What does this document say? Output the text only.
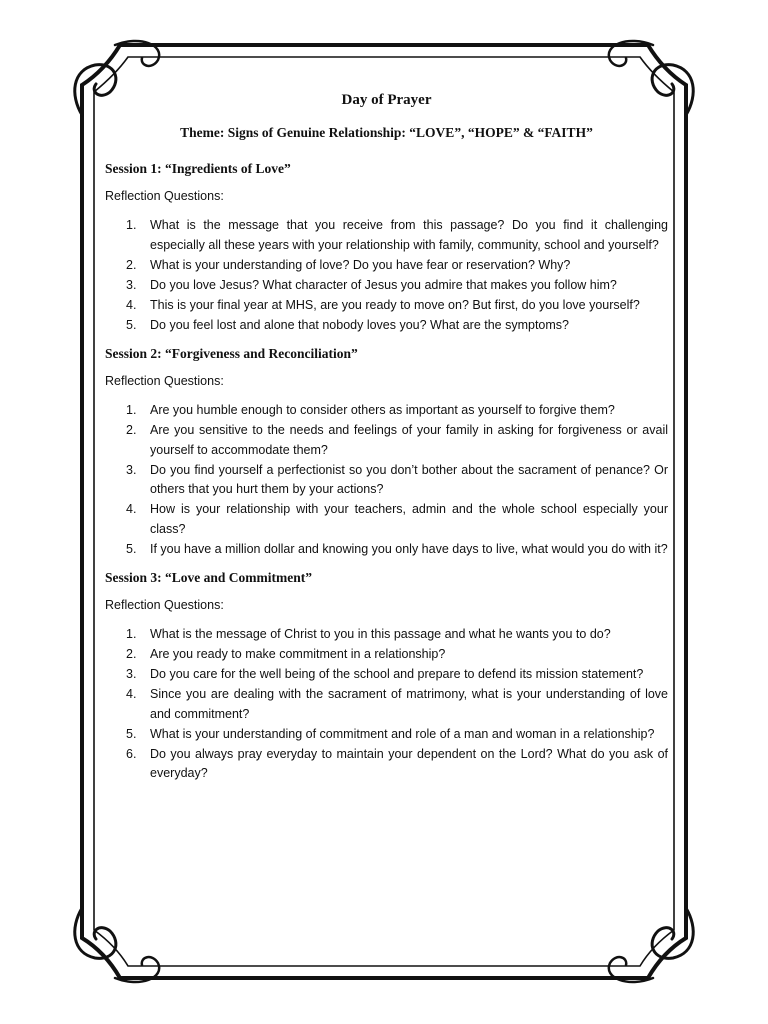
Day of Prayer
Theme: Signs of Genuine Relationship: “LOVE”, “HOPE” & “FAITH”
Session 1: “Ingredients of Love”
Reflection Questions:
1. What is the message that you receive from this passage? Do you find it challenging especially all these years with your relationship with family, community, school and yourself?
2. What is your understanding of love? Do you have fear or reservation? Why?
3. Do you love Jesus? What character of Jesus you admire that makes you follow him?
4. This is your final year at MHS, are you ready to move on? But first, do you love yourself?
5. Do you feel lost and alone that nobody loves you? What are the symptoms?
Session 2: “Forgiveness and Reconciliation”
Reflection Questions:
1. Are you humble enough to consider others as important as yourself to forgive them?
2. Are you sensitive to the needs and feelings of your family in asking for forgiveness or avail yourself to accommodate them?
3. Do you find yourself a perfectionist so you don’t bother about the sacrament of penance? Or others that you hurt them by your actions?
4. How is your relationship with your teachers, admin and the whole school especially your class?
5. If you have a million dollar and knowing you only have days to live, what would you do with it?
Session 3: “Love and Commitment”
Reflection Questions:
1. What is the message of Christ to you in this passage and what he wants you to do?
2. Are you ready to make commitment in a relationship?
3. Do you care for the well being of the school and prepare to defend its mission statement?
4. Since you are dealing with the sacrament of matrimony, what is your understanding of love and commitment?
5. What is your understanding of commitment and role of a man and woman in a relationship?
6. Do you always pray everyday to maintain your dependent on the Lord? What do you ask of everyday?
